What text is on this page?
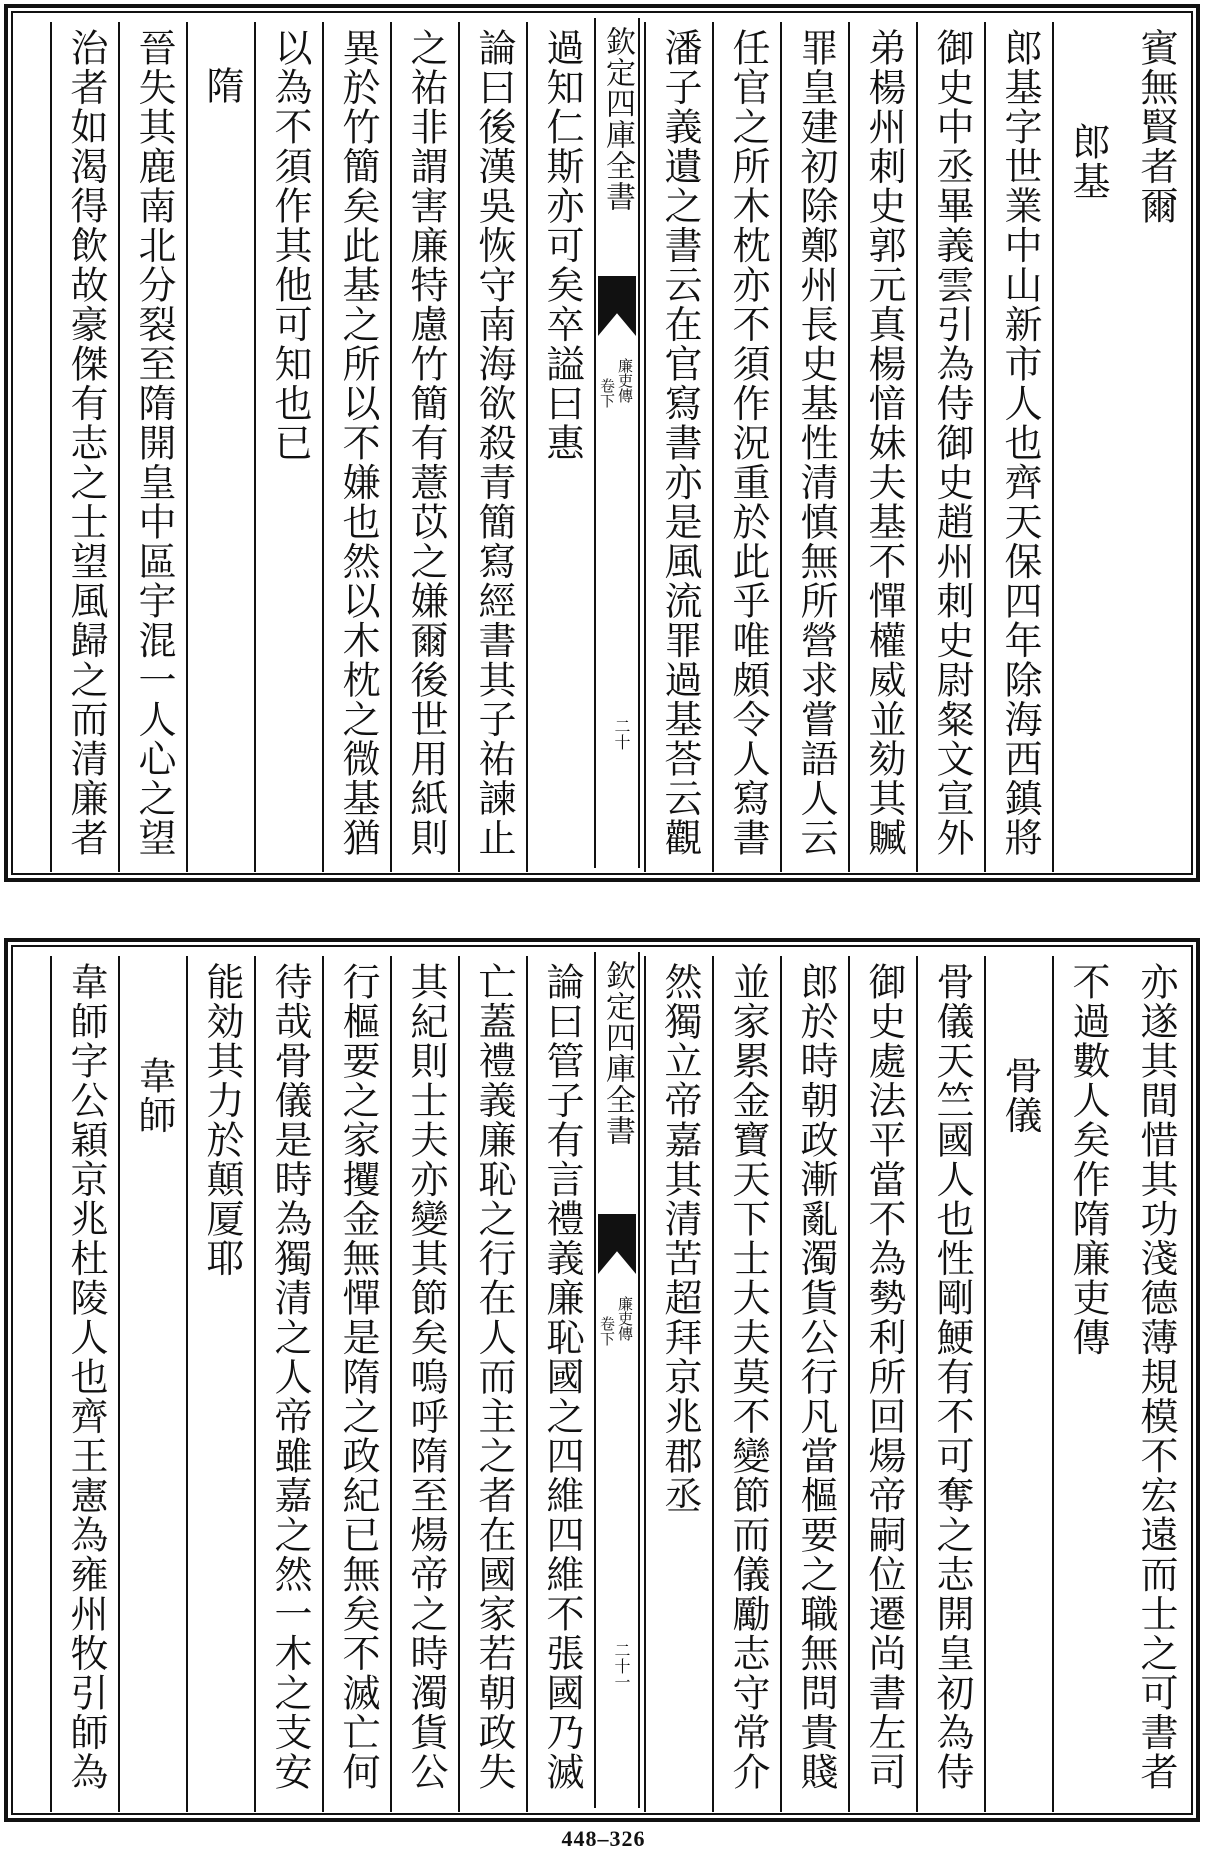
賓無賢者爾
郎基
郎基字世業中山新市人也齊天保四年除海西鎮將
御史中丞畢義雲引為侍御史趙州刺史尉粲文宣外
弟楊州刺史郭元真楊愔妹夫基不憚權威並劾其贓
罪皇建初除鄭州長史基性清慎無所營求嘗語人云
任官之所木枕亦不須作況重於此乎唯頗令人寫書
潘子義遺之書云在官寫書亦是風流罪過基荅云觀
欽定四庫全書
廉吏傳
卷下
二十
過知仁斯亦可矣卒謚曰惠
論曰後漢吳恢守南海欲殺青簡寫經書其子祐諫止
之祐非謂害廉特慮竹簡有薏苡之嫌爾後世用紙則
異於竹簡矣此基之所以不嫌也然以木枕之微基猶
以為不須作其他可知也已
隋
晉失其鹿南北分裂至隋開皇中區宇混一人心之望
治者如渴得飲故豪傑有志之士望風歸之而清廉者
亦遂其間惜其功淺德薄規模不宏遠而士之可書者
不過數人矣作隋廉吏傳
骨儀
骨儀天竺國人也性剛鯁有不可奪之志開皇初為侍
御史處法平當不為勢利所回煬帝嗣位遷尚書左司
郎於時朝政漸亂濁貨公行凡當樞要之職無問貴賤
並家累金寶天下士大夫莫不變節而儀勵志守常介
然獨立帝嘉其清苦超拜京兆郡丞
欽定四庫全書
廉吏傳
卷下
二十一
論曰管子有言禮義廉恥國之四維四維不張國乃滅
亡蓋禮義廉恥之行在人而主之者在國家若朝政失
其紀則士夫亦變其節矣嗚呼隋至煬帝之時濁貨公
行樞要之家攫金無憚是隋之政紀已無矣不滅亡何
待哉骨儀是時為獨清之人帝雖嘉之然一木之支安
能効其力於顛厦耶
韋師
韋師字公穎京兆杜陵人也齊王憲為雍州牧引師為
448–326
